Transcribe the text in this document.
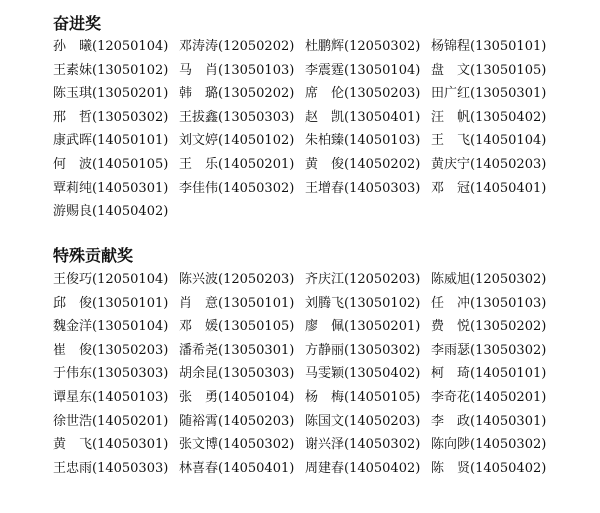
奋进奖
孙　曦(12050104) 邓涛涛(12050202) 杜鹏辉(12050302) 杨锦程(13050101)
王素妹(13050102) 马　肖(13050103) 李震霆(13050104) 盘　文(13050105)
陈玉琪(13050201) 韩　璐(13050202) 席　伦(13050203) 田广红(13050301)
邢　哲(13050302) 王拔鑫(13050303) 赵　凯(13050401) 汪　帆(13050402)
康武晖(14050101) 刘文婷(14050102) 朱柏臻(14050103) 王　飞(14050104)
何　波(14050105) 王　乐(14050201) 黄　俊(14050202) 黄庆宁(14050203)
覃莉纯(14050301) 李佳伟(14050302) 王增春(14050303) 邓　冠(14050401)
游赐良(14050402)
特殊贡献奖
王俊巧(12050104) 陈兴波(12050203) 齐庆江(12050203) 陈威旭(12050302)
邱　俊(13050101) 肖　意(13050101) 刘腾飞(13050102) 任　冲(13050103)
魏金洋(13050104) 邓　媛(13050105) 廖　佩(13050201) 费　悦(13050202)
崔　俊(13050203) 潘希尧(13050301) 方静丽(13050302) 李雨瑟(13050302)
于伟东(13050303) 胡余昆(13050303) 马雯颖(13050402) 柯　琦(14050101)
谭星东(14050103) 张　勇(14050104) 杨　梅(14050105) 李奇花(14050201)
徐世浩(14050201) 随裕霄(14050203) 陈国文(14050203) 李　政(14050301)
黄　飞(14050301) 张文博(14050302) 谢兴泽(14050302) 陈向陟(14050302)
王忠雨(14050303) 林喜春(14050401) 周建春(14050402) 陈　贤(14050402)
